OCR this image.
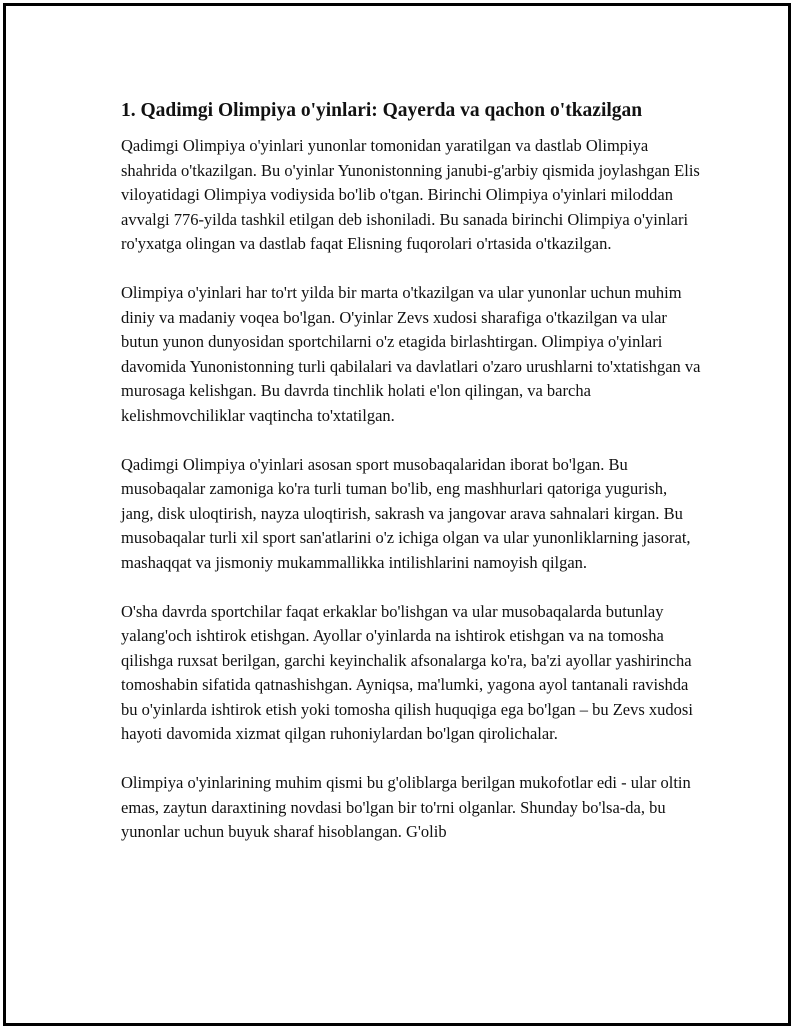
1. Qadimgi Olimpiya o'yinlari: Qayerda va qachon o'tkazilgan

Qadimgi Olimpiya o'yinlari yunonlar tomonidan yaratilgan va dastlab Olimpiya shahrida o'tkazilgan. Bu o'yinlar Yunonistonning janubi-g'arbiy qismida joylashgan Elis viloyatidagi Olimpiya vodiysida bo'lib o'tgan. Birinchi Olimpiya o'yinlari miloddan avvalgi 776-yilda tashkil etilgan deb ishoniladi. Bu sanada birinchi Olimpiya o'yinlari ro'yxatga olingan va dastlab faqat Elisning fuqorolari o'rtasida o'tkazilgan.

Olimpiya o'yinlari har to'rt yilda bir marta o'tkazilgan va ular yunonlar uchun muhim diniy va madaniy voqea bo'lgan. O'yinlar Zevs xudosi sharafiga o'tkazilgan va ular butun yunon dunyosidan sportchilarni o'z etagida birlashtirgan. Olimpiya o'yinlari davomida Yunonistonning turli qabilalari va davlatlari o'zaro urushlarni to'xtatishgan va murosaga kelishgan. Bu davrda tinchlik holati e'lon qilingan, va barcha kelishmovchiliklar vaqtincha to'xtatilgan.

Qadimgi Olimpiya o'yinlari asosan sport musobaqalaridan iborat bo'lgan. Bu musobaqalar zamoniga ko'ra turli tuman bo'lib, eng mashhurlari qatoriga yugurish, jang, disk uloqtirish, nayza uloqtirish, sakrash va jangovar arava sahnalari kirgan. Bu musobaqalar turli xil sport san'atlarini o'z ichiga olgan va ular yunonliklarning jasorat, mashaqqat va jismoniy mukammallikka intilishlarini namoyish qilgan.

O'sha davrda sportchilar faqat erkaklar bo'lishgan va ular musobaqalarda butunlay yalang'och ishtirok etishgan. Ayollar o'yinlarda na ishtirok etishgan va na tomosha qilishga ruxsat berilgan, garchi keyinchalik afsonalarga ko'ra, ba'zi ayollar yashirincha tomoshabin sifatida qatnashishgan. Ayniqsa, ma'lumki, yagona ayol tantanali ravishda bu o'yinlarda ishtirok etish yoki tomosha qilish huquqiga ega bo'lgan – bu Zevs xudosi hayoti davomida xizmat qilgan ruhoniylardan bo'lgan qirolichalar.

Olimpiya o'yinlarining muhim qismi bu g'oliblarga berilgan mukofotlar edi - ular oltin emas, zaytun daraxtining novdasi bo'lgan bir to'rni olganlar. Shunday bo'lsa-da, bu yunonlar uchun buyuk sharaf hisoblangan. G'olib
